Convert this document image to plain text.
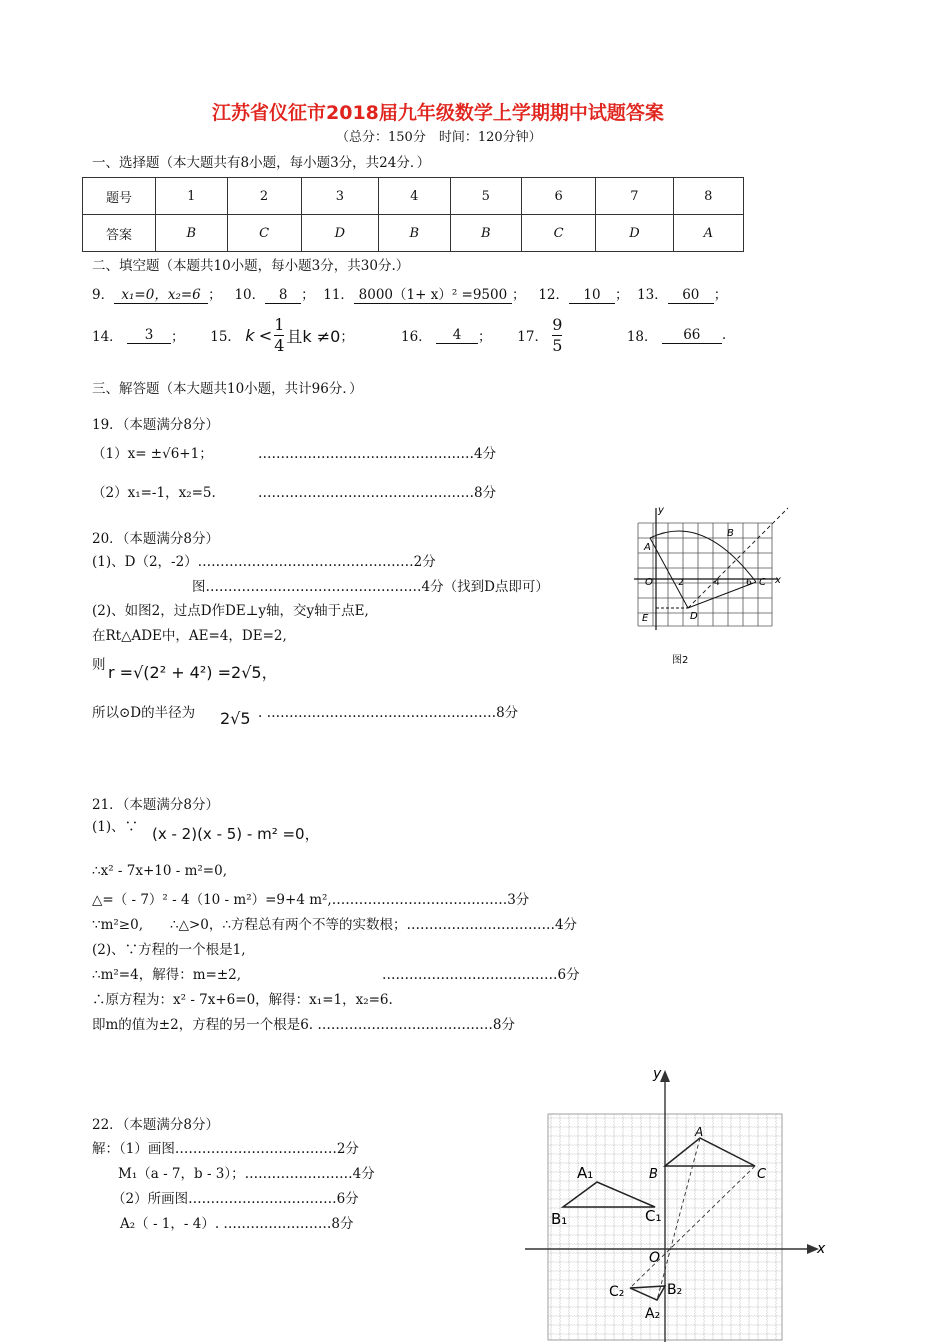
江苏省仪征市2018届九年级数学上学期期中试题答案
（总分：150分　时间：120分钟）
一、选择题（本大题共有8小题，每小题3分，共24分．）
题号	1	2	3	4	5	6	7	8
答案	B	C	D	B	B	C	D	A
二、填空题（本题共10小题，每小题3分，共30分.）
9． x₁=0，x₂=6 ；   10． 8 ；  11． 8000（1+ x）² =9500 ；   12． 10 ；  13． 60 ；
14．
	3	； 15．
k
< $\frac{1}{4}$ 且k ≠0 ； 16．
	4	； 17．
$\frac{9}{5}$
	18．
	66	.
三、解答题（本大题共10小题，共计96分．）
19．（本题满分8分）
（1）x= ±√6+1；	…………………………………………4分
（2）x₁=-1，x₂=5.	…………………………………………8分
20．（本题满分8分）
(1)、D（2，-2）…………………………………………2分
图…………………………………………4分（找到D点即可）
(2)、如图2，过点D作DE⊥y轴，交y轴于点E,
在Rt△ADE中，AE=4，DE=2,
则 r =√(2² + 4²) =2√5，
所以⊙D的半径为 2√5 . ……………………………………………8分
y
x
A
B
C
D
E
O	2	4	6
图2
21．（本题满分8分）
(1)、∵ (x - 2)(x - 5) - m² =0，
∴x² - 7x+10 - m²=0,
△=（ - 7）² - 4（10 - m²）=9+4 m²,…………………………………3分
∵m²≥0,　　∴△>0，∴方程总有两个不等的实数根；……………………………4分
(2)、∵方程的一个根是1,
∴m²=4，解得：m=±2,	…………………………………6分
∴原方程为：x² - 7x+6=0，解得：x₁=1，x₂=6.
即m的值为±2，方程的另一个根是6. …………………………………8分
22．（本题满分8分）
解：（1）画图………………………………2分
M₁（a - 7，b - 3）；……………………4分
（2）所画图……………………………6分
A₂（ - 1，- 4）. ……………………8分
y
x
O
A
B	C
A₁
B₁	C₁
C₂	B₂
A₂
